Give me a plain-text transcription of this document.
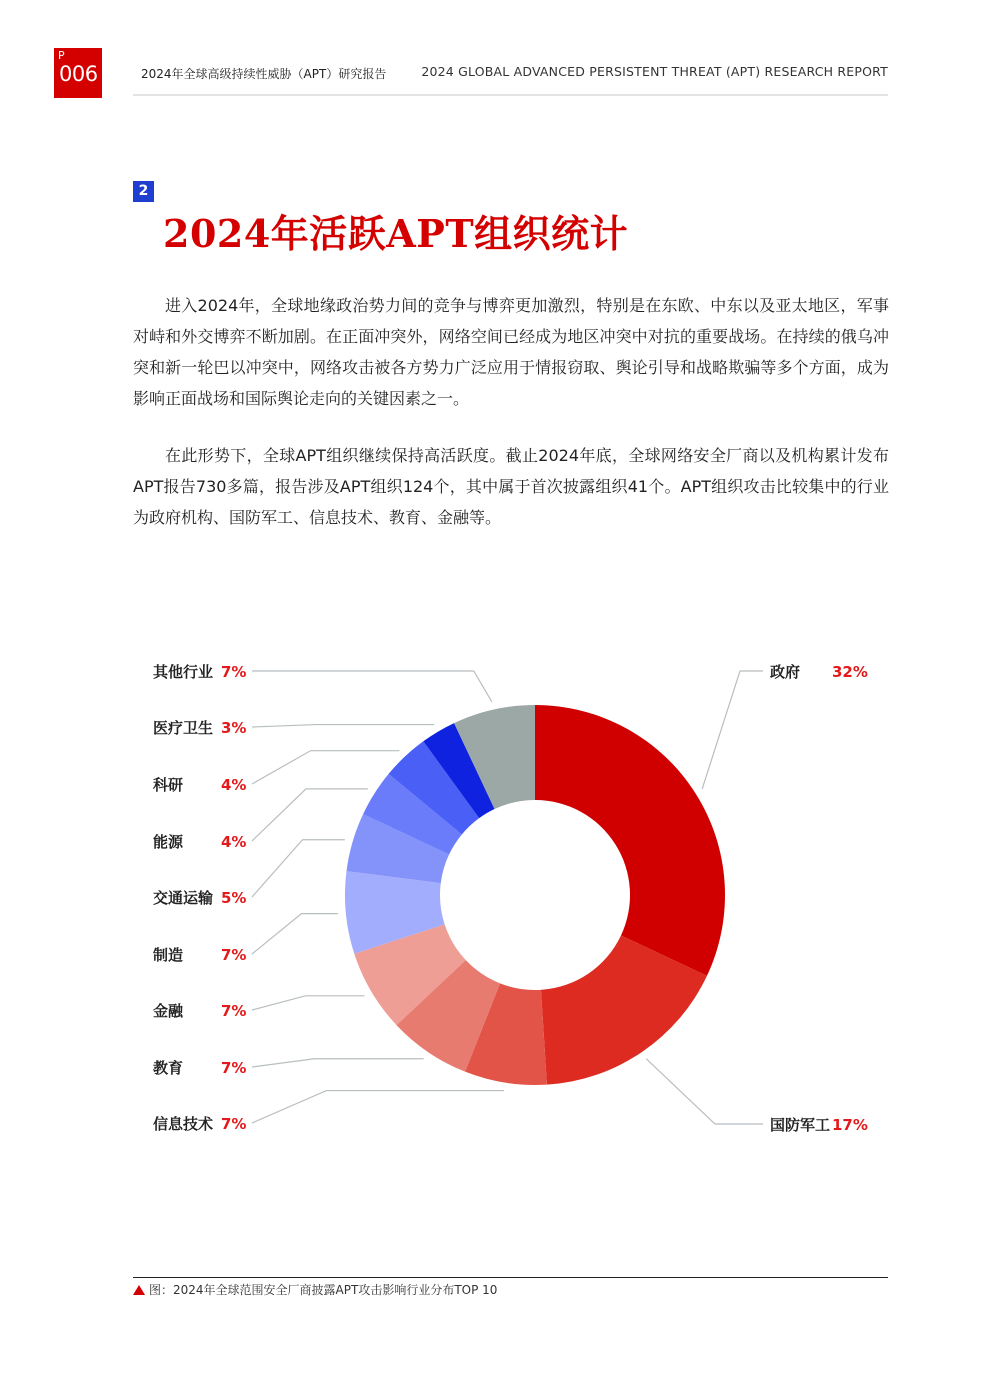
P
006	2024年全球高级持续性威胁（APT）研究报告	2024 GLOBAL ADVANCED PERSISTENT THREAT (APT) RESEARCH REPORT
2
2024年活跃APT组织统计

进入2024年，全球地缘政治势力间的竞争与博弈更加激烈，特别是在东欧、中东以及亚太地区，军事对峙和外交博弈不断加剧。在正面冲突外，网络空间已经成为地区冲突中对抗的重要战场。在持续的俄乌冲突和新一轮巴以冲突中，网络攻击被各方势力广泛应用于情报窃取、舆论引导和战略欺骗等多个方面，成为影响正面战场和国际舆论走向的关键因素之一。

在此形势下，全球APT组织继续保持高活跃度。截止2024年底，全球网络安全厂商以及机构累计发布APT报告730多篇，报告涉及APT组织124个，其中属于首次披露组织41个。APT组织攻击比较集中的行业为政府机构、国防军工、信息技术、教育、金融等。

政府 32%
国防军工 17%
信息技术 7%
教育	7%
金融	7%
制造	7%
交通运输 5%
能源	4%
科研	4%
医疗卫生 3%
其他行业 7%
图：2024年全球范围安全厂商披露APT攻击影响行业分布TOP 10
